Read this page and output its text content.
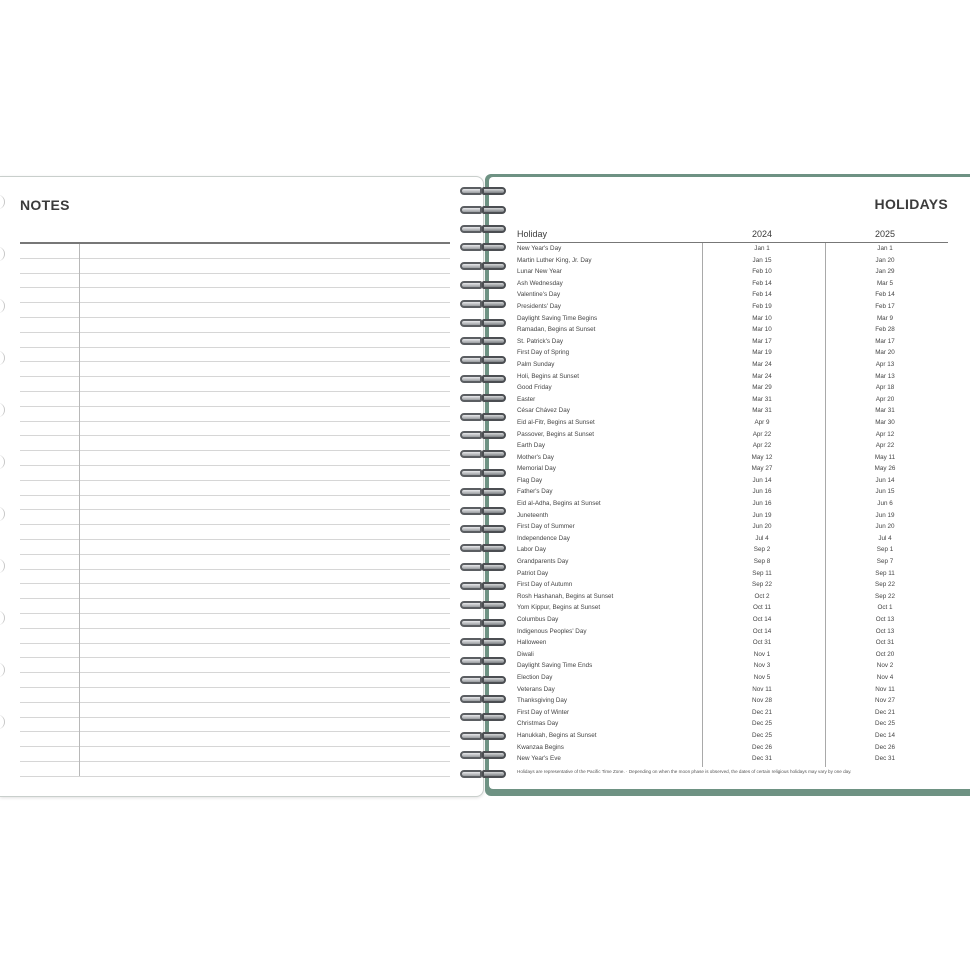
NOTES	HOLIDAYS
Holiday	2024	2025
New Year's Day	Jan 1	Jan 1
Martin Luther King, Jr. Day	Jan 15	Jan 20
Lunar New Year	Feb 10	Jan 29
Ash Wednesday	Feb 14	Mar 5
Valentine's Day	Feb 14	Feb 14
Presidents' Day	Feb 19	Feb 17
Daylight Saving Time Begins	Mar 10	Mar 9
Ramadan, Begins at Sunset	Mar 10	Feb 28
St. Patrick's Day	Mar 17	Mar 17
First Day of Spring	Mar 19	Mar 20
Palm Sunday	Mar 24	Apr 13
Holi, Begins at Sunset	Mar 24	Mar 13
Good Friday	Mar 29	Apr 18
Easter	Mar 31	Apr 20
César Chávez Day	Mar 31	Mar 31
Eid al-Fitr, Begins at Sunset	Apr 9	Mar 30
Passover, Begins at Sunset	Apr 22	Apr 12
Earth Day	Apr 22	Apr 22
Mother's Day	May 12	May 11
Memorial Day	May 27	May 26
Flag Day	Jun 14	Jun 14
Father's Day	Jun 16	Jun 15
Eid al-Adha, Begins at Sunset	Jun 16	Jun 6
Juneteenth	Jun 19	Jun 19
First Day of Summer	Jun 20	Jun 20
Independence Day	Jul 4	Jul 4
Labor Day	Sep 2	Sep 1
Grandparents Day	Sep 8	Sep 7
Patriot Day	Sep 11	Sep 11
First Day of Autumn	Sep 22	Sep 22
Rosh Hashanah, Begins at Sunset	Oct 2	Sep 22
Yom Kippur, Begins at Sunset	Oct 11	Oct 1
Columbus Day	Oct 14	Oct 13
Indigenous Peoples' Day	Oct 14	Oct 13
Halloween	Oct 31	Oct 31
Diwali	Nov 1	Oct 20
Daylight Saving Time Ends	Nov 3	Nov 2
Election Day	Nov 5	Nov 4
Veterans Day	Nov 11	Nov 11
Thanksgiving Day	Nov 28	Nov 27
First Day of Winter	Dec 21	Dec 21
Christmas Day	Dec 25	Dec 25
Hanukkah, Begins at Sunset	Dec 25	Dec 14
Kwanzaa Begins	Dec 26	Dec 26
New Year's Eve	Dec 31	Dec 31
Holidays are representative of the Pacific Time Zone. · Depending on when the moon phase is observed, the dates of certain religious holidays may vary by one day.
